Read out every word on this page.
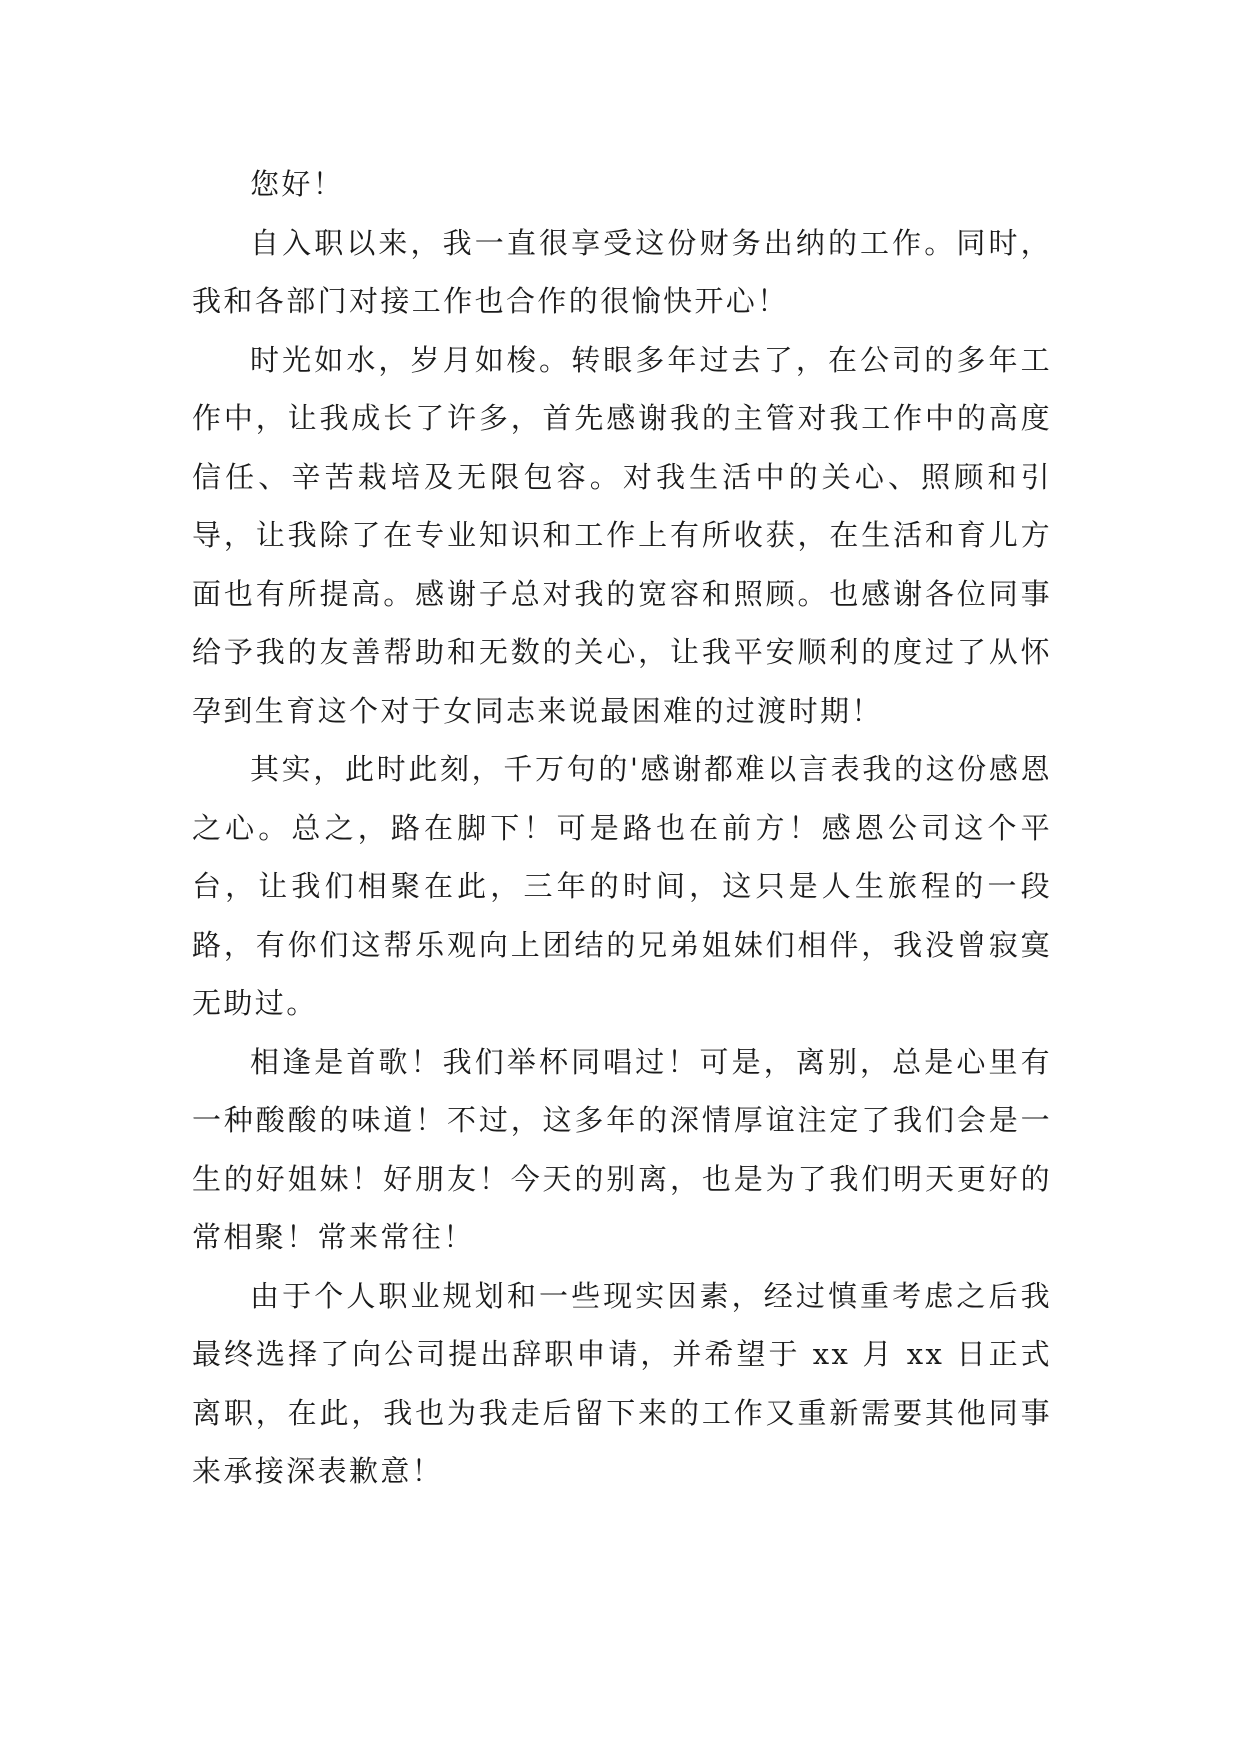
您好！

自入职以来，我一直很享受这份财务出纳的工作。同时，我和各部门对接工作也合作的很愉快开心！

时光如水，岁月如梭。转眼多年过去了，在公司的多年工作中，让我成长了许多，首先感谢我的主管对我工作中的高度信任、辛苦栽培及无限包容。对我生活中的关心、照顾和引导，让我除了在专业知识和工作上有所收获，在生活和育儿方面也有所提高。感谢子总对我的宽容和照顾。也感谢各位同事给予我的友善帮助和无数的关心，让我平安顺利的度过了从怀孕到生育这个对于女同志来说最困难的过渡时期！

其实，此时此刻，千万句的'感谢都难以言表我的这份感恩之心。总之，路在脚下！可是路也在前方！感恩公司这个平台，让我们相聚在此，三年的时间，这只是人生旅程的一段路，有你们这帮乐观向上团结的兄弟姐妹们相伴，我没曾寂寞无助过。

相逢是首歌！我们举杯同唱过！可是，离别，总是心里有一种酸酸的味道！不过，这多年的深情厚谊注定了我们会是一生的好姐妹！好朋友！今天的别离，也是为了我们明天更好的常相聚！常来常往！

由于个人职业规划和一些现实因素，经过慎重考虑之后我最终选择了向公司提出辞职申请，并希望于 xx 月 xx 日正式离职，在此，我也为我走后留下来的工作又重新需要其他同事来承接深表歉意！
